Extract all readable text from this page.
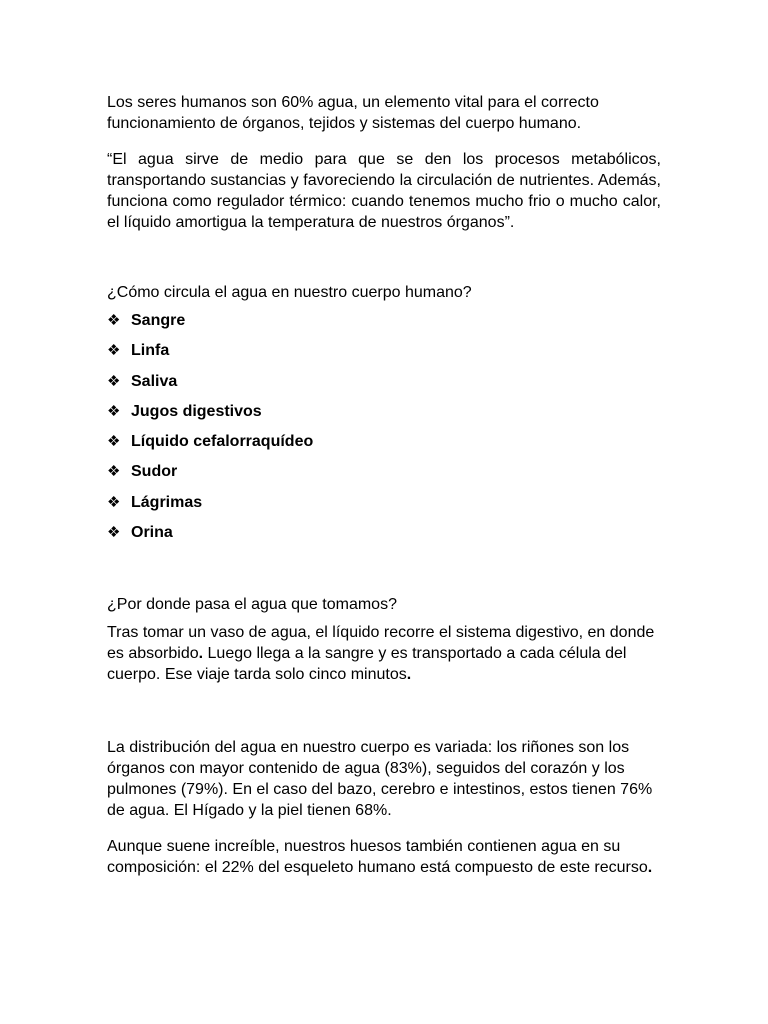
Los seres humanos son 60% agua, un elemento vital para el correcto funcionamiento de órganos, tejidos y sistemas del cuerpo humano.

“El agua sirve de medio para que se den los procesos metabólicos, transportando sustancias y favoreciendo la circulación de nutrientes. Además, funciona como regulador térmico: cuando tenemos mucho frio o mucho calor, el líquido amortigua la temperatura de nuestros órganos”.

¿Cómo circula el agua en nuestro cuerpo humano?

❖ Sangre
❖ Linfa
❖ Saliva
❖ Jugos digestivos
❖ Líquido cefalorraquídeo
❖ Sudor
❖ Lágrimas
❖ Orina

¿Por donde pasa el agua que tomamos?

Tras tomar un vaso de agua, el líquido recorre el sistema digestivo, en donde es absorbido. Luego llega a la sangre y es transportado a cada célula del cuerpo. Ese viaje tarda solo cinco minutos.

La distribución del agua en nuestro cuerpo es variada: los riñones son los órganos con mayor contenido de agua (83%), seguidos del corazón y los pulmones (79%). En el caso del bazo, cerebro e intestinos, estos tienen 76% de agua. El Hígado y la piel tienen 68%.

Aunque suene increíble, nuestros huesos también contienen agua en su composición: el 22% del esqueleto humano está compuesto de este recurso.
